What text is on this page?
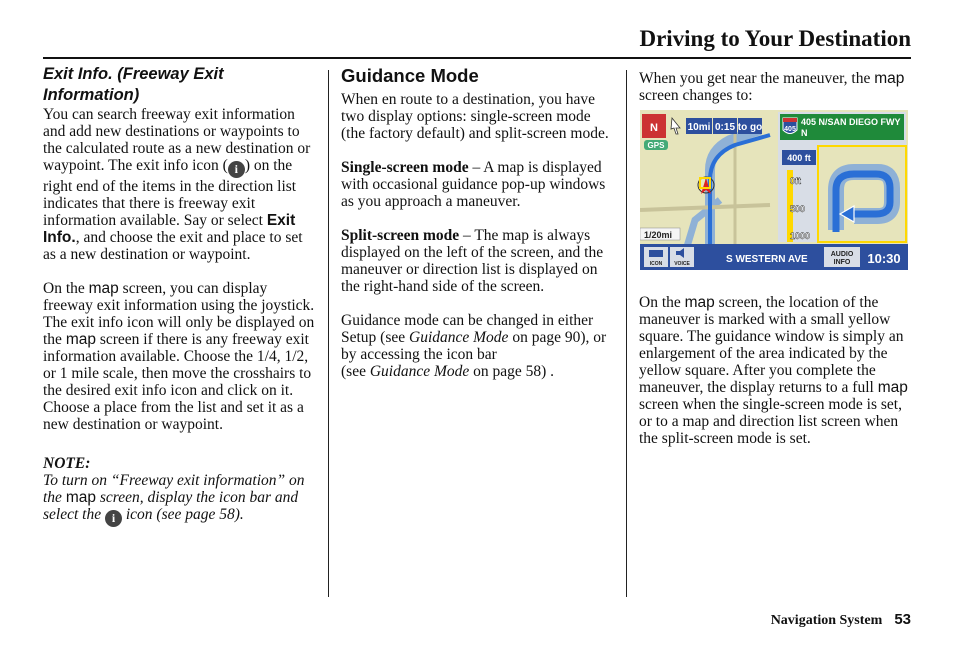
Driving to Your Destination
Exit Info. (Freeway Exit
Information)

You can search freeway exit information and add new destinations or waypoints to the calculated route as a new destination or waypoint. The exit info icon ( i ) on the right end of the items in the direction list indicates that there is freeway exit information available. Say or select Exit Info., and choose the exit and place to set as a new destination or waypoint.

On the map screen, you can display freeway exit information using the joystick. The exit info icon will only be displayed on the map screen if there is any freeway exit information available. Choose the 1/4, 1/2, or 1 mile scale, then move the crosshairs to the desired exit info icon and click on it. Choose a place from the list and set it as a new destination or waypoint.

NOTE:

To turn on “Freeway exit information” on the map screen, display the icon bar and select the i icon (see page 58).

Guidance Mode

When en route to a destination, you have two display options: single-screen mode (the factory default) and split-screen mode.

Single-screen mode – A map is displayed with occasional guidance pop-up windows as you approach a maneuver.

Split-screen mode – The map is always displayed on the left of the screen, and the maneuver or direction list is displayed on the right-hand side of the screen.

Guidance mode can be changed in either Setup (see Guidance Mode on page 90), or by accessing the icon bar
(see Guidance Mode on page 58) .

When you get near the maneuver, the map screen changes to:

On the map screen, the location of the maneuver is marked with a small yellow square. The guidance window is simply an enlargement of the area indicated by the yellow square. After you complete the maneuver, the display returns to a full map screen when the single-screen mode is set, or to a map and direction list screen when the split-screen mode is set.

N	10mi 0:15 to go
GPS
405
405 N/SAN DIEGO FWY
N
400 ft
0ft
500
1000
1/20mi
ICON VOICE	S WESTERN AVE	AUDIO
INFO 10:30
Navigation System 53
